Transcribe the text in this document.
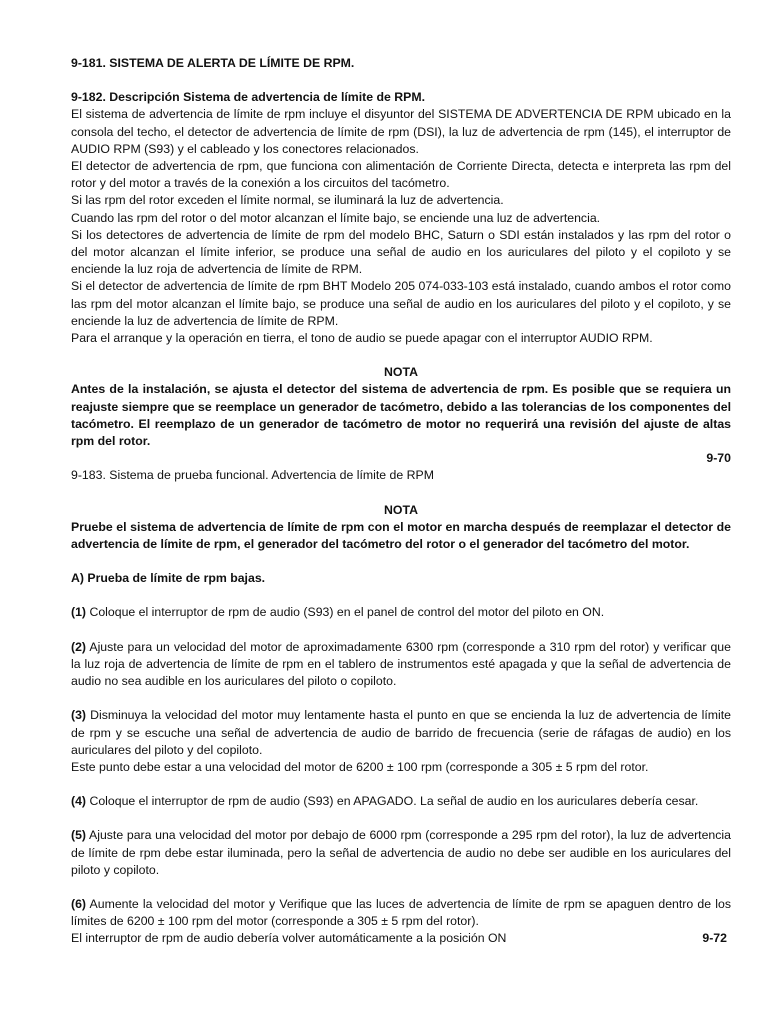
9-181. SISTEMA DE ALERTA DE LÍMITE DE RPM.

9-182. Descripción Sistema de advertencia de límite de RPM.

El sistema de advertencia de límite de rpm incluye el disyuntor del SISTEMA DE ADVERTENCIA DE RPM ubicado en la consola del techo, el detector de advertencia de límite de rpm (DSI), la luz de advertencia de rpm (145), el interruptor de AUDIO RPM (S93) y el cableado y los conectores relacionados.

El detector de advertencia de rpm, que funciona con alimentación de Corriente Directa, detecta e interpreta las rpm del rotor y del motor a través de la conexión a los circuitos del tacómetro.

Si las rpm del rotor exceden el límite normal, se iluminará la luz de advertencia.

Cuando las rpm del rotor o del motor alcanzan el límite bajo, se enciende una luz de advertencia.

Si los detectores de advertencia de límite de rpm del modelo BHC, Saturn o SDI están instalados y las rpm del rotor o del motor alcanzan el límite inferior, se produce una señal de audio en los auriculares del piloto y el copiloto y se enciende la luz roja de advertencia de límite de RPM.

Si el detector de advertencia de límite de rpm BHT Modelo 205 074-033-103 está instalado, cuando ambos el rotor como las rpm del motor alcanzan el límite bajo, se produce una señal de audio en los auriculares del piloto y el copiloto, y se enciende la luz de advertencia de límite de RPM.

Para el arranque y la operación en tierra, el tono de audio se puede apagar con el interruptor AUDIO RPM.

NOTA

Antes de la instalación, se ajusta el detector del sistema de advertencia de rpm. Es posible que se requiera un reajuste siempre que se reemplace un generador de tacómetro, debido a las tolerancias de los componentes del tacómetro. El reemplazo de un generador de tacómetro de motor no requerirá una revisión del ajuste de altas rpm del rotor.

9-70

9-183. Sistema de prueba funcional. Advertencia de límite de RPM

NOTA

Pruebe el sistema de advertencia de límite de rpm con el motor en marcha después de reemplazar el detector de advertencia de límite de rpm, el generador del tacómetro del rotor o el generador del tacómetro del motor.

A) Prueba de límite de rpm bajas.

(1) Coloque el interruptor de rpm de audio (S93) en el panel de control del motor del piloto en ON.

(2) Ajuste para un velocidad del motor de aproximadamente 6300 rpm (corresponde a 310 rpm del rotor) y verificar que la luz roja de advertencia de límite de rpm en el tablero de instrumentos esté apagada y que la señal de advertencia de audio no sea audible en los auriculares del piloto o copiloto.

(3) Disminuya la velocidad del motor muy lentamente hasta el punto en que se encienda la luz de advertencia de límite de rpm y se escuche una señal de advertencia de audio de barrido de frecuencia (serie de ráfagas de audio) en los auriculares del piloto y del copiloto.

Este punto debe estar a una velocidad del motor de 6200 ± 100 rpm (corresponde a 305 ± 5 rpm del rotor.

(4) Coloque el interruptor de rpm de audio (S93) en APAGADO. La señal de audio en los auriculares debería cesar.

(5) Ajuste para una velocidad del motor por debajo de 6000 rpm (corresponde a 295 rpm del rotor), la luz de advertencia de límite de rpm debe estar iluminada, pero la señal de advertencia de audio no debe ser audible en los auriculares del piloto y copiloto.

(6) Aumente la velocidad del motor y Verifique que las luces de advertencia de límite de rpm se apaguen dentro de los límites de 6200 ± 100 rpm del motor (corresponde a 305 ± 5 rpm del rotor).

El interruptor de rpm de audio debería volver automáticamente a la posición ON	9-72
